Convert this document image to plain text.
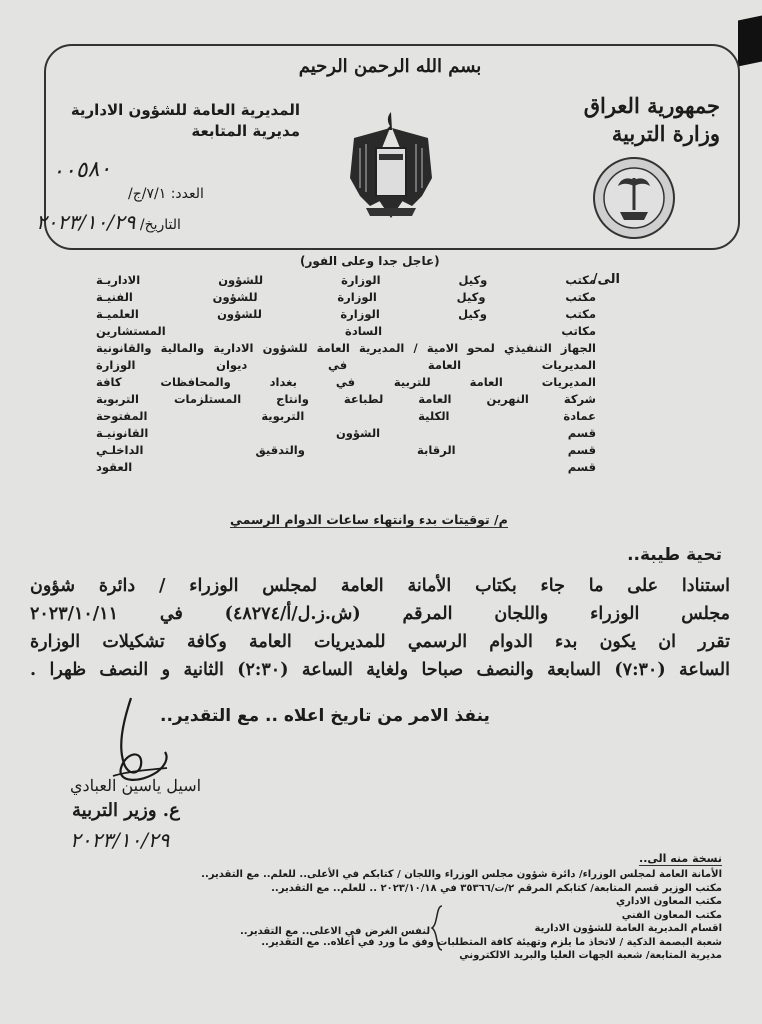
بسم الله الرحمن الرحيم
جمهورية العراق
وزارة التربية
المديرية العامة للشؤون الادارية
مديرية المتابعة
٠٠٥٨٠
العدد: ٧/١/ج/
التاريخ/ ٢٠٢٣/١٠/٢٩
(عاجل جدا وعلى الفور)
الى/
مكتب وكيل الوزارة للشؤون الاداريـة
مكتب وكيل الوزارة للشؤون الفنيـة
مكتب وكيل الوزارة للشؤون العلميـة
مكاتب السادة المستشارين
الجهاز التنفيذي لمحو الامية / المديرية العامة للشؤون الادارية والمالية والقانونية
المديريات العامة في ديوان الوزارة
المديريات العامة للتربية في بغداد والمحافظات كافة
شركة النهرين العامة لطباعة وانتاج المستلزمات التربوية
عمادة الكلية التربوية المفتوحة
قسم الشؤون القانونيـة
قسم الرقابة والتدقيق الداخلـي
قسم العقود
م/ توقيتات بدء وانتهاء ساعات الدوام الرسمي
تحية طيبة..
استنادا على ما جاء بكتاب الأمانة العامة لمجلس الوزراء / دائرة شؤون
مجلس الوزراء واللجان المرقم (ش.ز.ل/أ/٤٨٢٧٤) في ٢٠٢٣/١٠/١١
تقرر ان يكون بدء الدوام الرسمي للمديريات العامة وكافة تشكيلات الوزارة
الساعة (٧:٣٠) السابعة والنصف صباحا ولغاية الساعة (٢:٣٠) الثانية و النصف ظهرا .
ينفذ الامر من تاريخ اعلاه .. مع التقدير..
اسيل ياسين العبادي
ع. وزير التربية
٢٠٢٣/١٠/٢٩
نسخة منه الى..
الأمانة العامة لمجلس الوزراء/ دائرة شؤون مجلس الوزراء واللجان / كتابكم في الأعلى.. للعلم.. مع التقدير..
مكتب الوزير قسم المتابعة/ كتابكم المرقم ٢/ت/٣٥٣٦٦ في ٢٠٢٣/١٠/١٨ .. للعلم.. مع التقدير..
مكتب المعاون الاداري
مكتب المعاون الفني
اقسام المديرية العامة للشؤون الادارية
شعبة البصمة الذكية / لاتخاذ ما يلزم وتهيئة كافة المتطلبات وفق ما ورد في أعلاه.. مع التقدير..
مديرية المتابعة/ شعبة الجهات العليا والبريد الالكتروني
لنفس الغرض في الاعلى.. مع التقدير..
